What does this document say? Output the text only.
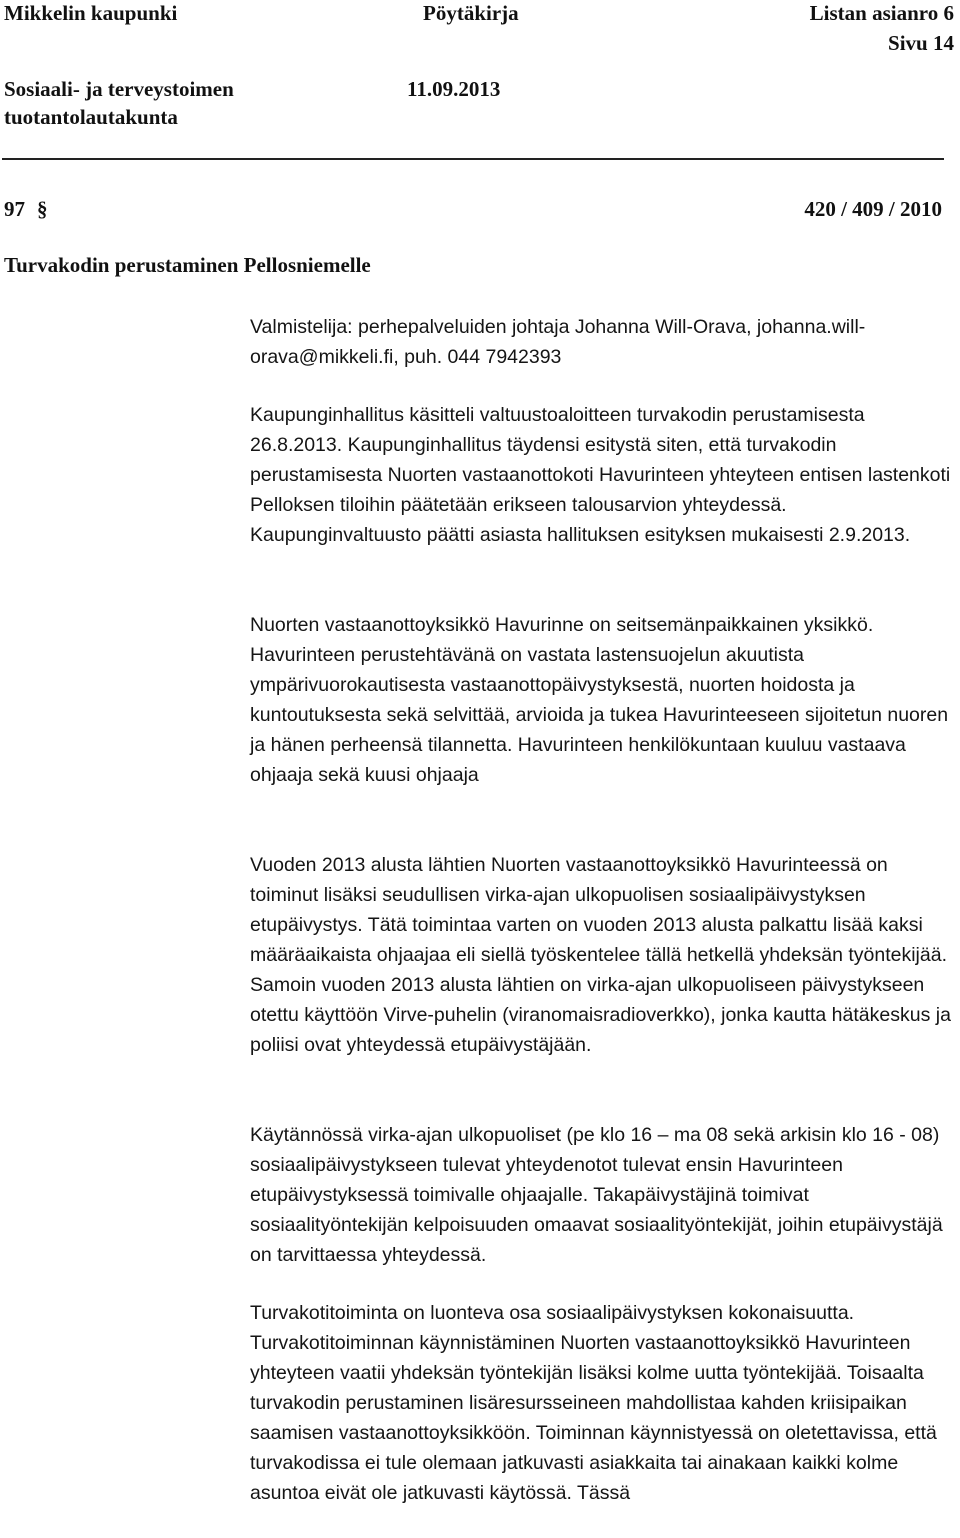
Mikkelin kaupunki	Pöytäkirja	Listan asianro 6
Sivu 14
Sosiaali- ja terveystoimen	11.09.2013
tuotantolautakunta
97 §	420 / 409 / 2010
Turvakodin perustaminen Pellosniemelle

Valmistelija: perhepalveluiden johtaja Johanna Will-Orava, johanna.will-orava@mikkeli.fi, puh. 044 7942393

Kaupunginhallitus käsitteli valtuustoaloitteen turvakodin perustamisesta 26.8.2013. Kaupunginhallitus täydensi esitystä siten, että turvakodin perustamisesta Nuorten vastaanottokoti Havurinteen yhteyteen entisen lastenkoti Pelloksen tiloihin päätetään erikseen talousarvion yhteydessä. Kaupunginvaltuusto päätti asiasta hallituksen esityksen mukaisesti 2.9.2013.

Nuorten vastaanottoyksikkö Havurinne on seitsemänpaikkainen yksikkö. Havurinteen perustehtävänä on vastata lastensuojelun akuutista ympärivuorokautisesta vastaanottopäivystyksestä, nuorten hoidosta ja kuntoutuksesta sekä selvittää, arvioida ja tukea Havurinteeseen sijoitetun nuoren ja hänen perheensä tilannetta. Havurinteen henkilökuntaan kuuluu vastaava ohjaaja sekä kuusi ohjaaja

Vuoden 2013 alusta lähtien Nuorten vastaanottoyksikkö Havurinteessä on toiminut lisäksi seudullisen virka-ajan ulkopuolisen sosiaalipäivystyksen etupäivystys. Tätä toimintaa varten on vuoden 2013 alusta palkattu lisää kaksi määräaikaista ohjaajaa eli siellä työskentelee tällä hetkellä yhdeksän työntekijää. Samoin vuoden 2013 alusta lähtien on virka-ajan ulkopuoliseen päivystykseen otettu käyttöön Virve-puhelin (viranomaisradioverkko), jonka kautta hätäkeskus ja poliisi ovat yhteydessä etupäivystäjään.

Käytännössä virka-ajan ulkopuoliset (pe klo 16 – ma 08 sekä arkisin klo 16 - 08) sosiaalipäivystykseen tulevat yhteydenotot tulevat ensin Havurinteen etupäivystyksessä toimivalle ohjaajalle. Takapäivystäjinä toimivat sosiaalityöntekijän kelpoisuuden omaavat sosiaalityöntekijät, joihin etupäivystäjä on tarvittaessa yhteydessä.

Turvakotitoiminta on luonteva osa sosiaalipäivystyksen kokonaisuutta. Turvakotitoiminnan käynnistäminen Nuorten vastaanottoyksikkö Havurinteen yhteyteen vaatii yhdeksän työntekijän lisäksi kolme uutta työntekijää. Toisaalta turvakodin perustaminen lisäresursseineen mahdollistaa kahden kriisipaikan saamisen vastaanottoyksikköön. Toiminnan käynnistyessä on oletettavissa, että turvakodissa ei tule olemaan jatkuvasti asiakkaita tai ainakaan kaikki kolme asuntoa eivät ole jatkuvasti käytössä. Tässä
